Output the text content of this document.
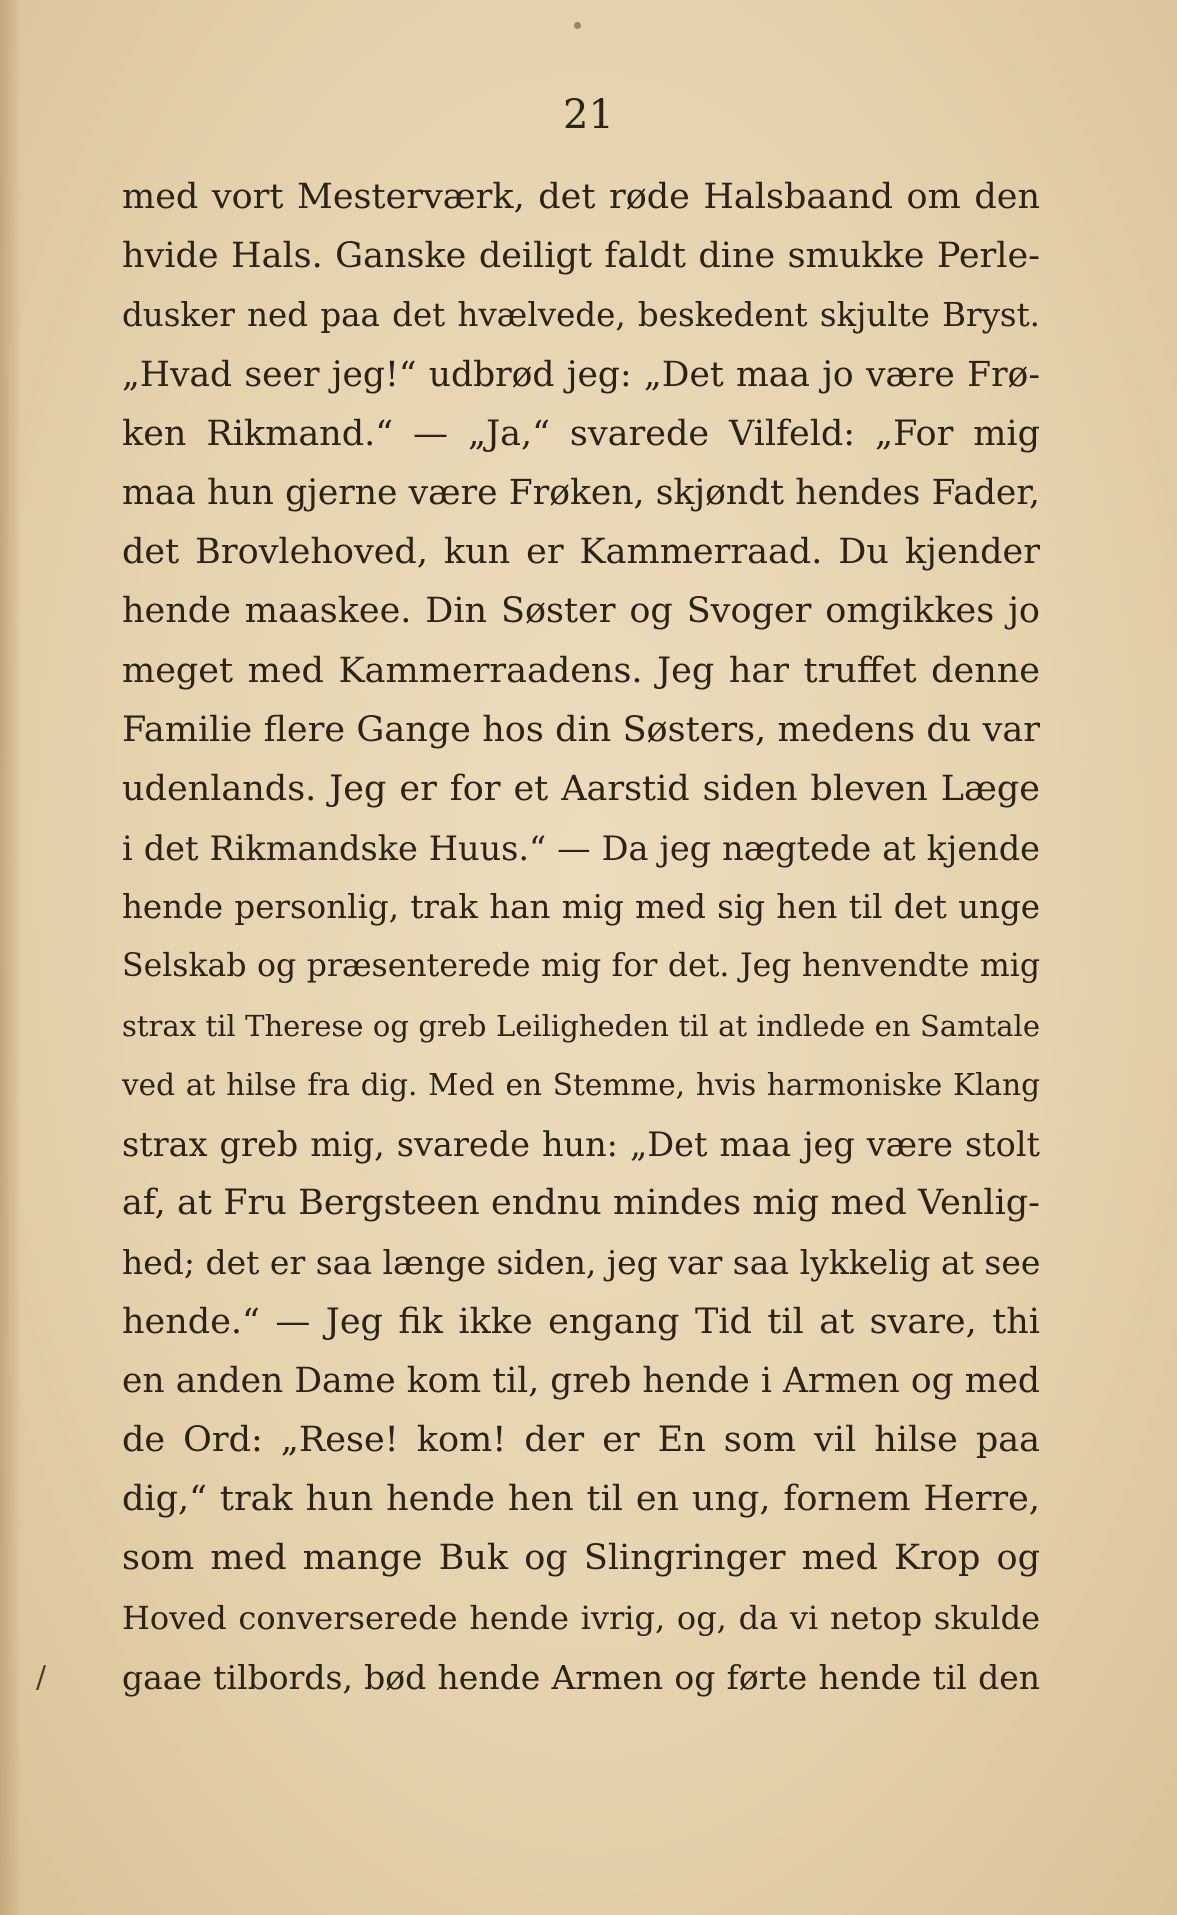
21
med vort Mesterværk, det røde Halsbaand om den
hvide Hals. Ganske deiligt faldt dine smukke Perle-
dusker ned paa det hvælvede, beskedent skjulte Bryst.
„Hvad seer jeg!“ udbrød jeg: „Det maa jo være Frø-
ken Rikmand.“ — „Ja,“ svarede Vilfeld: „For mig
maa hun gjerne være Frøken, skjøndt hendes Fader,
det Brovlehoved, kun er Kammerraad. Du kjender
hende maaskee. Din Søster og Svoger omgikkes jo
meget med Kammerraadens. Jeg har truffet denne
Familie flere Gange hos din Søsters, medens du var
udenlands. Jeg er for et Aarstid siden bleven Læge
i det Rikmandske Huus.“ — Da jeg nægtede at kjende
hende personlig, trak han mig med sig hen til det unge
Selskab og præsenterede mig for det. Jeg henvendte mig
strax til Therese og greb Leiligheden til at indlede en Samtale
ved at hilse fra dig. Med en Stemme, hvis harmoniske Klang
strax greb mig, svarede hun: „Det maa jeg være stolt
af, at Fru Bergsteen endnu mindes mig med Venlig-
hed; det er saa længe siden, jeg var saa lykkelig at see
hende.“ — Jeg fik ikke engang Tid til at svare, thi
en anden Dame kom til, greb hende i Armen og med
de Ord: „Rese! kom! der er En som vil hilse paa
dig,“ trak hun hende hen til en ung, fornem Herre,
som med mange Buk og Slingringer med Krop og
Hoved converserede hende ivrig, og, da vi netop skulde
gaae tilbords, bød hende Armen og førte hende til den
/
